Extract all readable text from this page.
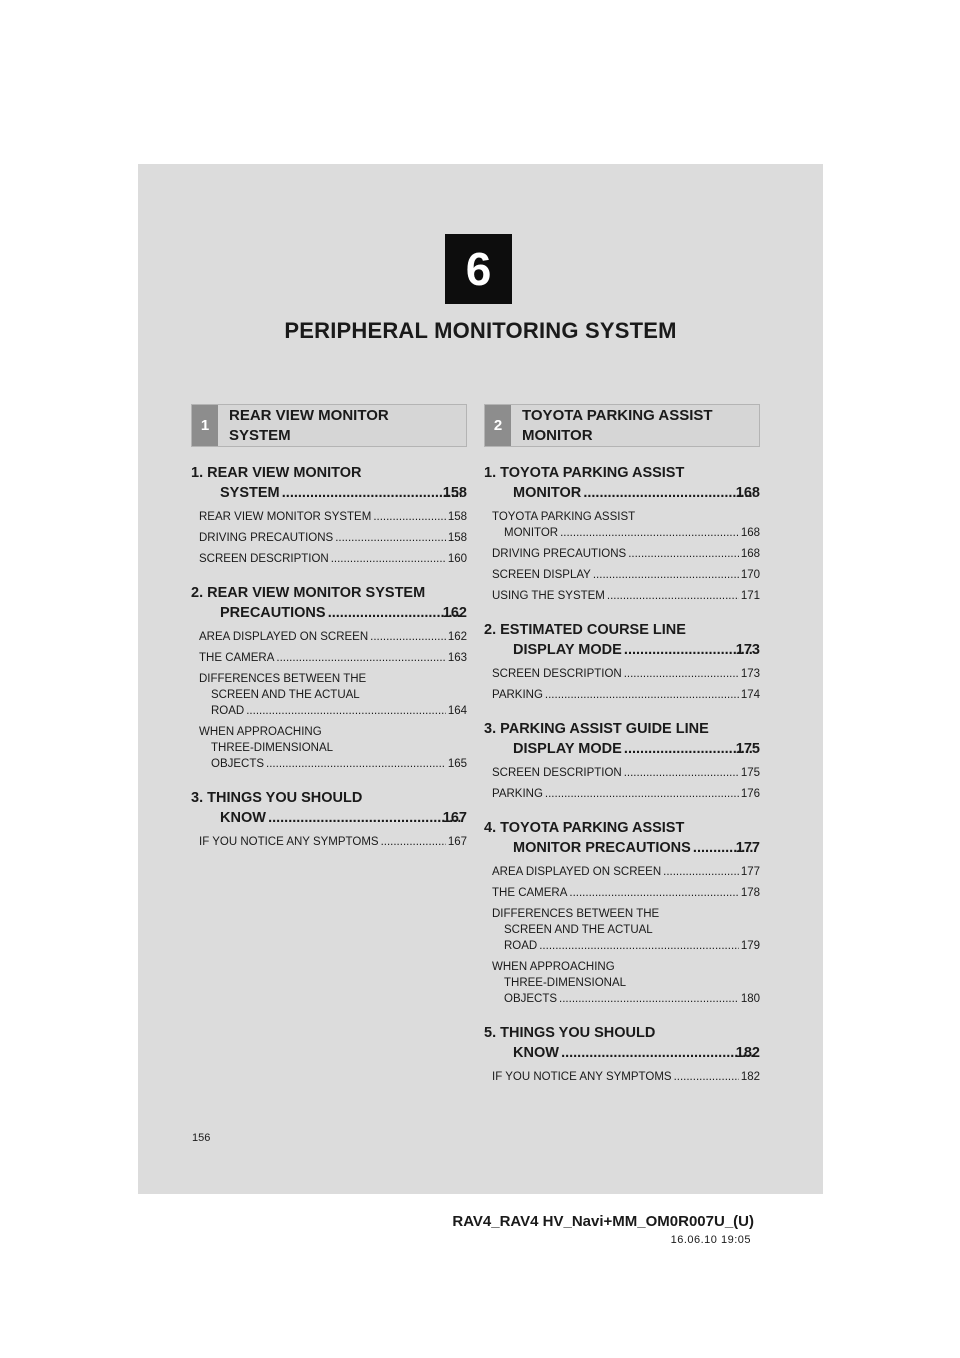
6
PERIPHERAL MONITORING SYSTEM
1
REAR VIEW MONITOR
SYSTEM
1. REAR VIEW MONITOR
SYSTEM .....	158
REAR VIEW MONITOR SYSTEM .....	158
DRIVING PRECAUTIONS .....	158
SCREEN DESCRIPTION .....	160
2. REAR VIEW MONITOR SYSTEM
PRECAUTIONS .....	162
AREA DISPLAYED ON SCREEN .....	162
THE CAMERA .....	163
DIFFERENCES BETWEEN THE
SCREEN AND THE ACTUAL
ROAD .....	164
WHEN APPROACHING
THREE-DIMENSIONAL
OBJECTS .....	165
3. THINGS YOU SHOULD
KNOW .....	167
IF YOU NOTICE ANY SYMPTOMS .....	167
2
TOYOTA PARKING ASSIST
MONITOR
1. TOYOTA PARKING ASSIST
MONITOR .....	168
TOYOTA PARKING ASSIST
MONITOR .....	168
DRIVING PRECAUTIONS .....	168
SCREEN DISPLAY .....	170
USING THE SYSTEM .....	171
2. ESTIMATED COURSE LINE
DISPLAY MODE .....	173
SCREEN DESCRIPTION .....	173
PARKING .....	174
3. PARKING ASSIST GUIDE LINE
DISPLAY MODE .....	175
SCREEN DESCRIPTION .....	175
PARKING .....	176
4. TOYOTA PARKING ASSIST
MONITOR PRECAUTIONS .....	177
AREA DISPLAYED ON SCREEN .....	177
THE CAMERA .....	178
DIFFERENCES BETWEEN THE
SCREEN AND THE ACTUAL
ROAD .....	179
WHEN APPROACHING
THREE-DIMENSIONAL
OBJECTS .....	180
5. THINGS YOU SHOULD
KNOW .....	182
IF YOU NOTICE ANY SYMPTOMS .....	182
156
RAV4_RAV4 HV_Navi+MM_OM0R007U_(U)
16.06.10 19:05
